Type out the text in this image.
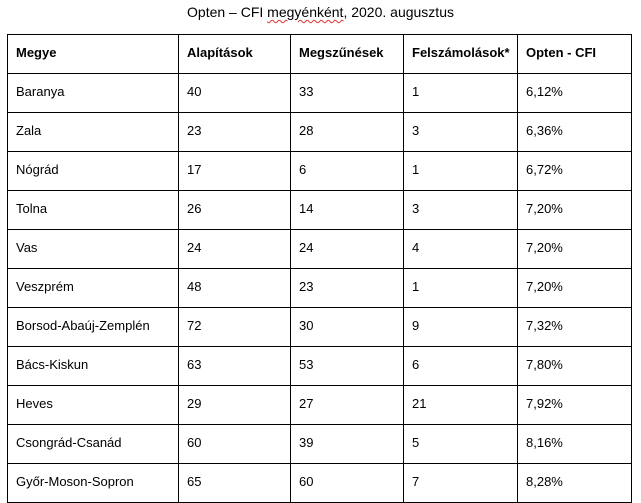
Opten – CFI megyénként, 2020. augusztus
Megye	Alapítások	Megszűnések	Felszámolások*	Opten - CFI
Baranya	40	33	1	6,12%
Zala	23	28	3	6,36%
Nógrád	17	6	1	6,72%
Tolna	26	14	3	7,20%
Vas	24	24	4	7,20%
Veszprém	48	23	1	7,20%
Borsod-Abaúj-Zemplén	72	30	9	7,32%
Bács-Kiskun	63	53	6	7,80%
Heves	29	27	21	7,92%
Csongrád-Csanád	60	39	5	8,16%
Győr-Moson-Sopron	65	60	7	8,28%
